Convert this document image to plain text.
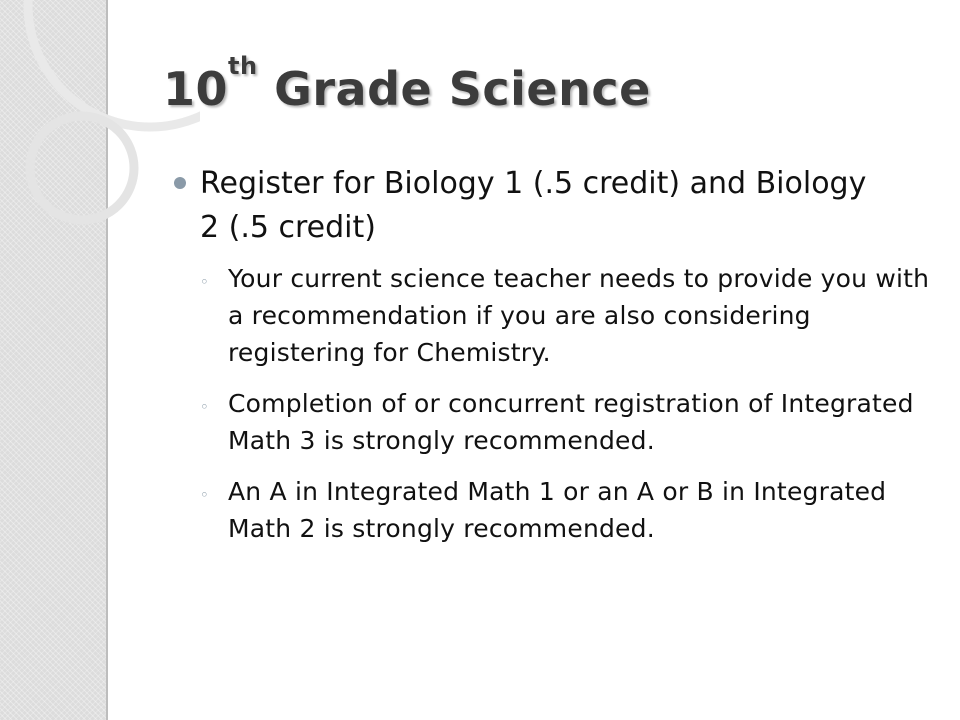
10th Grade Science
Register for Biology 1 (.5 credit) and Biology 2 (.5 credit)
◦ Your current science teacher needs to provide you with a recommendation if you are also considering registering for Chemistry.
◦ Completion of or concurrent registration of Integrated Math 3 is strongly recommended.
◦ An A in Integrated Math 1 or an A or B in Integrated Math 2 is strongly recommended.
